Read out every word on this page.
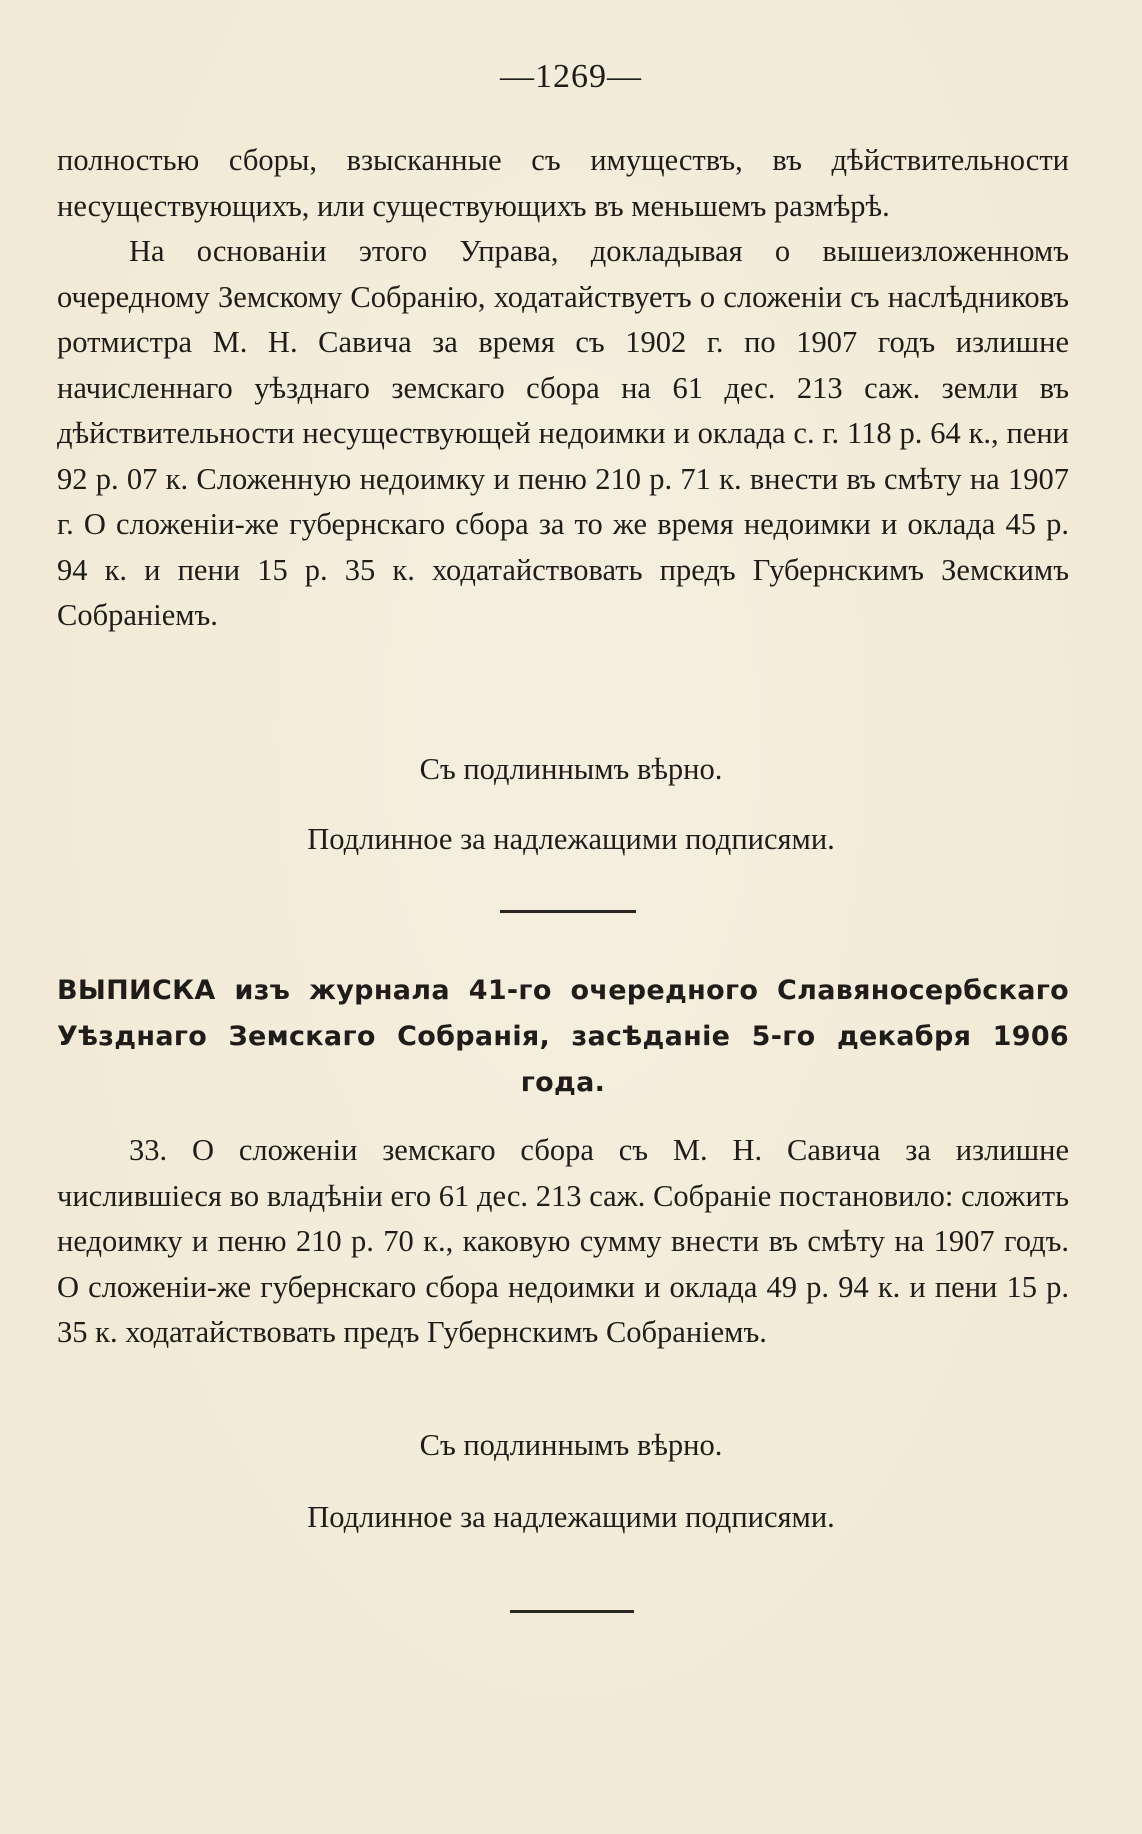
—1269—

полностью сборы, взысканные съ имуществъ, въ дѣйствительности несуществующихъ, или существующихъ въ меньшемъ размѣрѣ.

На основаніи этого Управа, докладывая о вышеизложенномъ очередному Земскому Собранію, ходатайствуетъ о сложеніи съ наслѣдниковъ ротмистра М. Н. Савича за время съ 1902 г. по 1907 годъ излишне начисленнаго уѣзднаго земскаго сбора на 61 дес. 213 саж. земли въ дѣйствительности несуществующей недоимки и оклада с. г. 118 р. 64 к., пени 92 р. 07 к. Сложенную недоимку и пеню 210 р. 71 к. внести въ смѣту на 1907 г. О сложеніи-же губернскаго сбора за то же время недоимки и оклада 45 р. 94 к. и пени 15 р. 35 к. ходатайствовать предъ Губернскимъ Земскимъ Собраніемъ.

Съ подлиннымъ вѣрно.
Подлинное за надлежащими подписями.
ВЫПИСКА изъ журнала 41-го очередного Славяносербскаго Уѣзднаго Земскаго Собранія, засѣданіе 5-го декабря 1906 года.

33. О сложеніи земскаго сбора съ М. Н. Савича за излишне числившіеся во владѣніи его 61 дес. 213 саж. Собраніе постановило: сложить недоимку и пеню 210 р. 70 к., каковую сумму внести въ смѣту на 1907 годъ. О сложеніи-же губернскаго сбора недоимки и оклада 49 р. 94 к. и пени 15 р. 35 к. ходатайствовать предъ Губернскимъ Собраніемъ.

Съ подлиннымъ вѣрно.
Подлинное за надлежащими подписями.
